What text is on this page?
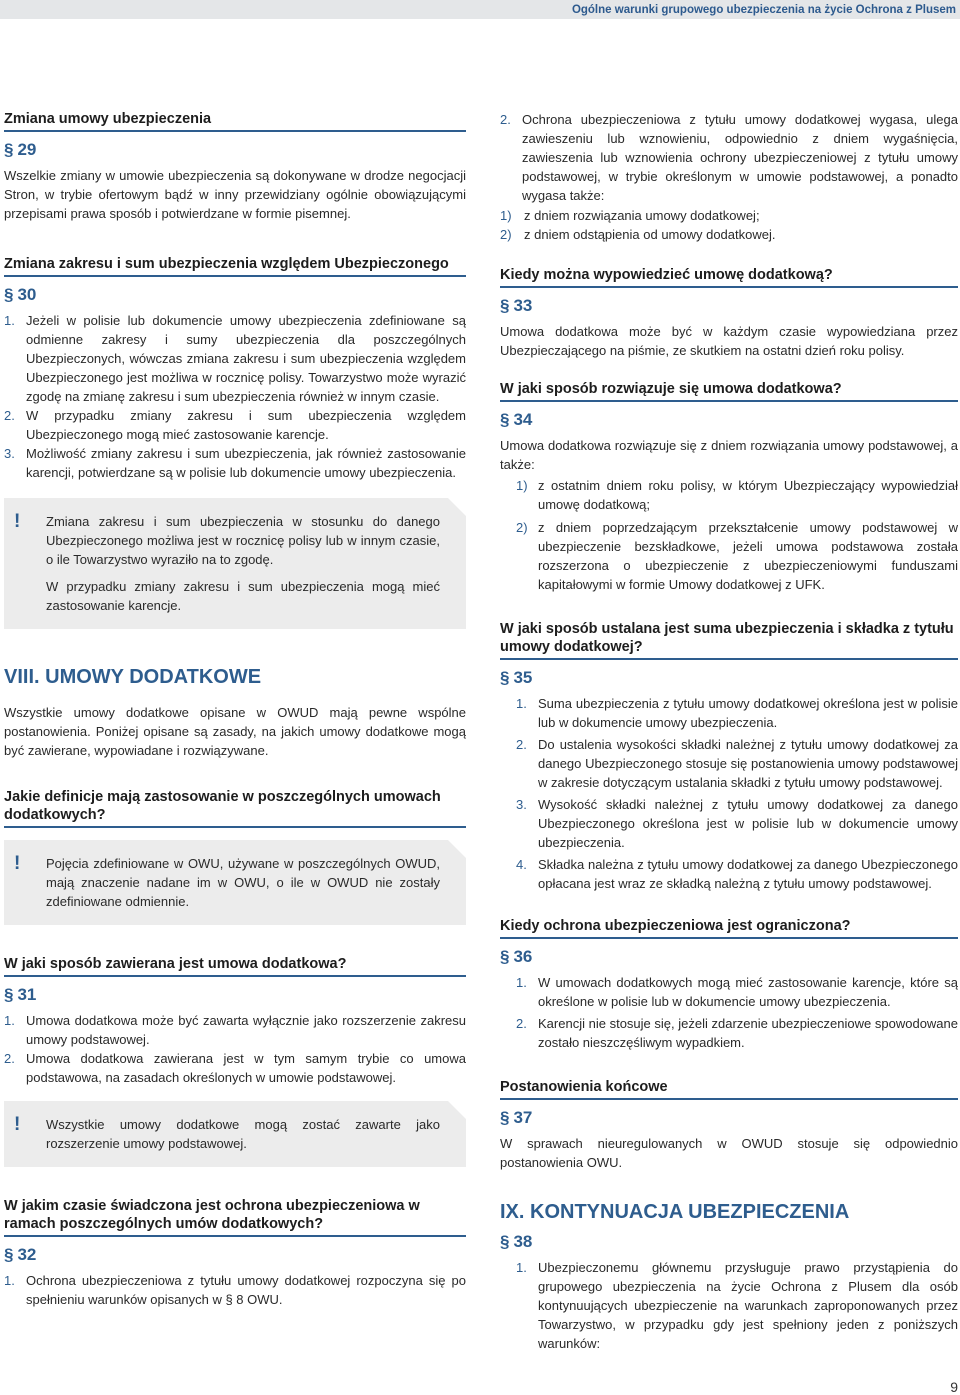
Ogólne warunki grupowego ubezpieczenia na życie Ochrona z Plusem
Zmiana umowy ubezpieczenia
§ 29

Wszelkie zmiany w umowie ubezpieczenia są dokonywane w drodze negocjacji Stron, w trybie ofertowym bądź w inny przewidziany ogólnie obowiązującymi przepisami prawa sposób i potwierdzane w formie pisemnej.

Zmiana zakresu i sum ubezpieczenia względem Ubezpieczonego
§ 30
1. Jeżeli w polisie lub dokumencie umowy ubezpieczenia zdefiniowane są odmienne zakresy i sumy ubezpieczenia dla poszczególnych Ubezpieczonych, wówczas zmiana zakresu i sum ubezpieczenia względem Ubezpieczonego jest możliwa w rocznicę polisy. Towarzystwo może wyrazić zgodę na zmianę zakresu i sum ubezpieczenia również w innym czasie.
2. W przypadku zmiany zakresu i sum ubezpieczenia względem Ubezpieczonego mogą mieć zastosowanie karencje.
3. Możliwość zmiany zakresu i sum ubezpieczenia, jak również zastosowanie karencji, potwierdzane są w polisie lub dokumencie umowy ubezpieczenia.
! Zmiana zakresu i sum ubezpieczenia w stosunku do danego Ubezpieczonego możliwa jest w rocznicę polisy lub w innym czasie, o ile Towarzystwo wyraziło na to zgodę.

W przypadku zmiany zakresu i sum ubezpieczenia mogą mieć zastosowanie karencje.

VIII. UMOWY DODATKOWE

Wszystkie umowy dodatkowe opisane w OWUD mają pewne wspólne postanowienia. Poniżej opisane są zasady, na jakich umowy dodatkowe mogą być zawierane, wypowiadane i rozwiązywane.

Jakie definicje mają zastosowanie w poszczególnych umowach dodatkowych?
! Pojęcia zdefiniowane w OWU, używane w poszczególnych OWUD, mają znaczenie nadane im w OWU, o ile w OWUD nie zostały zdefiniowane odmiennie.

W jaki sposób zawierana jest umowa dodatkowa?
§ 31
1. Umowa dodatkowa może być zawarta wyłącznie jako rozszerzenie zakresu umowy podstawowej.
2. Umowa dodatkowa zawierana jest w tym samym trybie co umowa podstawowa, na zasadach określonych w umowie podstawowej.
! Wszystkie umowy dodatkowe mogą zostać zawarte jako rozszerzenie umowy podstawowej.

W jakim czasie świadczona jest ochrona ubezpieczeniowa w ramach poszczególnych umów dodatkowych?
§ 32
1. Ochrona ubezpieczeniowa z tytułu umowy dodatkowej rozpoczyna się po spełnieniu warunków opisanych w § 8 OWU.
2. Ochrona ubezpieczeniowa z tytułu umowy dodatkowej wygasa, ulega zawieszeniu lub wznowieniu, odpowiednio z dniem wygaśnięcia, zawieszenia lub wznowienia ochrony ubezpieczeniowej z tytułu umowy podstawowej, w trybie określonym w umowie podstawowej, a ponadto wygasa także:
1) z dniem rozwiązania umowy dodatkowej;
2) z dniem odstąpienia od umowy dodatkowej.
Kiedy można wypowiedzieć umowę dodatkową?
§ 33

Umowa dodatkowa może być w każdym czasie wypowiedziana przez Ubezpieczającego na piśmie, ze skutkiem na ostatni dzień roku polisy.

W jaki sposób rozwiązuje się umowa dodatkowa?
§ 34

Umowa dodatkowa rozwiązuje się z dniem rozwiązania umowy podstawowej, a także:

1) z ostatnim dniem roku polisy, w którym Ubezpieczający wypowiedział umowę dodatkową;
2) z dniem poprzedzającym przekształcenie umowy podstawowej w ubezpieczenie bezskładkowe, jeżeli umowa podstawowa została rozszerzona o ubezpieczenie z ubezpieczeniowymi funduszami kapitałowymi w formie Umowy dodatkowej z UFK.
W jaki sposób ustalana jest suma ubezpieczenia i składka z tytułu umowy dodatkowej?
§ 35
1. Suma ubezpieczenia z tytułu umowy dodatkowej określona jest w polisie lub w dokumencie umowy ubezpieczenia.
2. Do ustalenia wysokości składki należnej z tytułu umowy dodatkowej za danego Ubezpieczonego stosuje się postanowienia umowy podstawowej w zakresie dotyczącym ustalania składki z tytułu umowy podstawowej.
3. Wysokość składki należnej z tytułu umowy dodatkowej za danego Ubezpieczonego określona jest w polisie lub w dokumencie umowy ubezpieczenia.
4. Składka należna z tytułu umowy dodatkowej za danego Ubezpieczonego opłacana jest wraz ze składką należną z tytułu umowy podstawowej.
Kiedy ochrona ubezpieczeniowa jest ograniczona?
§ 36
1. W umowach dodatkowych mogą mieć zastosowanie karencje, które są określone w polisie lub w dokumencie umowy ubezpieczenia.
2. Karencji nie stosuje się, jeżeli zdarzenie ubezpieczeniowe spowodowane zostało nieszczęśliwym wypadkiem.
Postanowienia końcowe
§ 37

W sprawach nieuregulowanych w OWUD stosuje się odpowiednio postanowienia OWU.

IX. KONTYNUACJA UBEZPIECZENIA
§ 38
1. Ubezpieczonemu głównemu przysługuje prawo przystąpienia do grupowego ubezpieczenia na życie Ochrona z Plusem dla osób kontynuujących ubezpieczenie na warunkach zaproponowanych przez Towarzystwo, w przypadku gdy jest spełniony jeden z poniższych warunków:
9
